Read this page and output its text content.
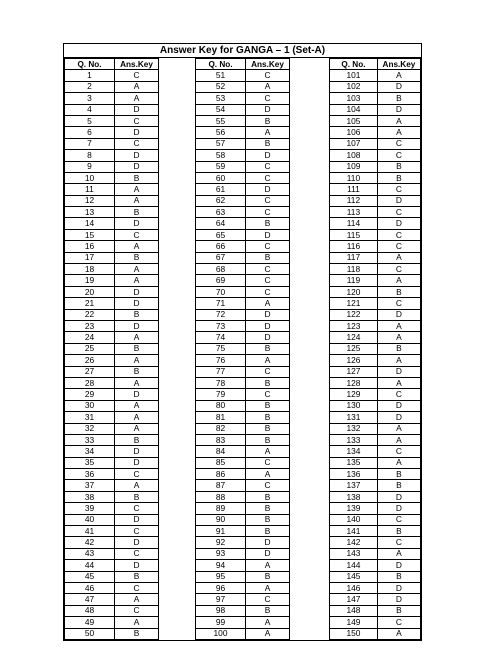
Answer Key for GANGA – 1 (Set-A)
Q. No.	Ans.Key
1	C
2	A
3	A
4	D
5	C
6	D
7	C
8	D
9	D
10	B
11	A
12	A
13	B
14	D
15	C
16	A
17	B
18	A
19	A
20	D
21	D
22	B
23	D
24	A
25	B
26	A
27	B
28	A
29	D
30	A
31	A
32	A
33	B
34	D
35	D
36	C
37	A
38	B
39	C
40	D
41	C
42	D
43	C
44	D
45	B
46	C
47	A
48	C
49	A
50	B
Q. No.	Ans.Key
51	C
52	A
53	C
54	D
55	B
56	A
57	B
58	D
59	C
60	C
61	D
62	C
63	C
64	B
65	D
66	C
67	B
68	C
69	C
70	C
71	A
72	D
73	D
74	D
75	B
76	A
77	C
78	B
79	C
80	B
81	B
82	B
83	B
84	A
85	C
86	A
87	C
88	B
89	B
90	B
91	B
92	D
93	D
94	A
95	B
96	A
97	C
98	B
99	A
100	A
Q. No.	Ans.Key
101	A
102	D
103	B
104	D
105	A
106	A
107	C
108	C
109	B
110	B
111	C
112	D
113	C
114	D
115	C
116	C
117	A
118	C
119	A
120	B
121	C
122	D
123	A
124	A
125	B
126	A
127	D
128	A
129	C
130	D
131	D
132	A
133	A
134	C
135	A
136	B
137	B
138	D
139	D
140	C
141	B
142	C
143	A
144	D
145	B
146	D
147	D
148	B
149	C
150	A
